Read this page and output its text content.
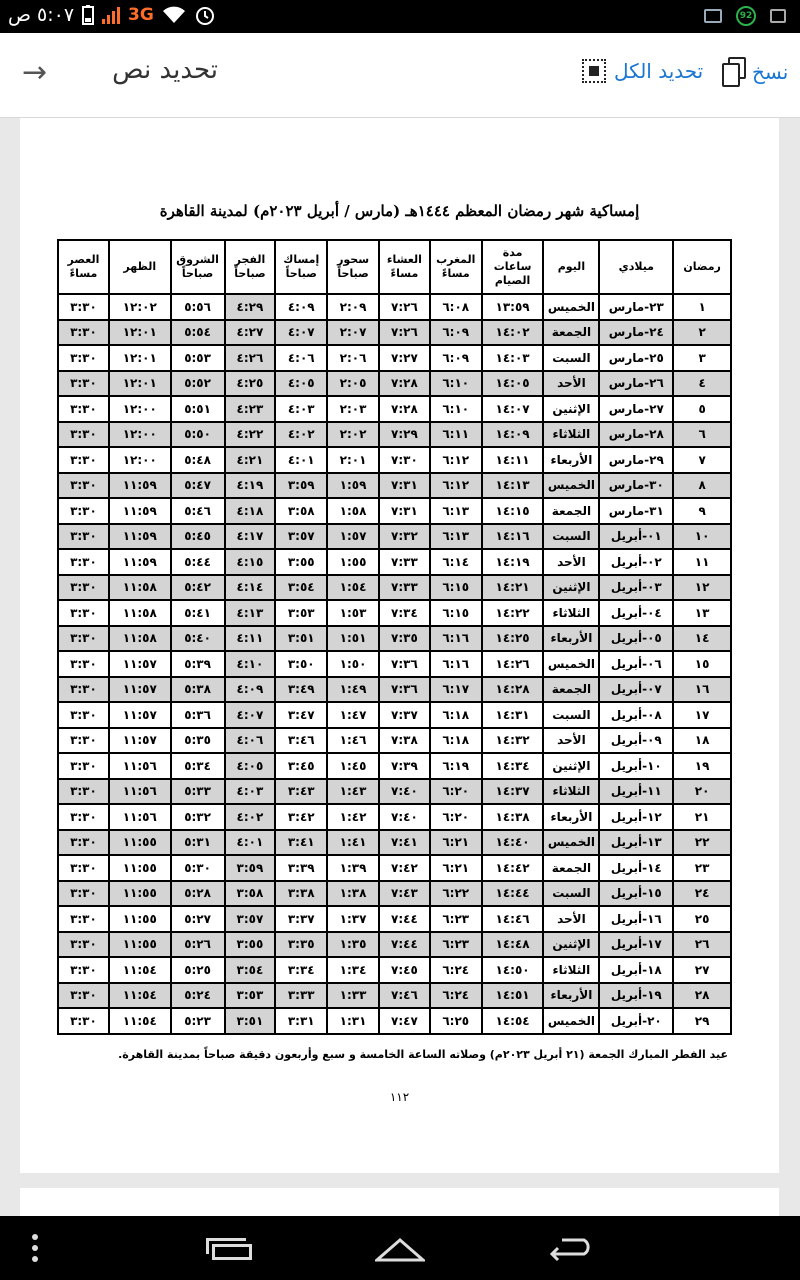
٥:٠٧ ص	3G	92
نسخ
تحديد الكل
تحديد نص
→
إمساكية شهر رمضان المعظم ١٤٤٤هـ (مارس / أبريل ٢٠٢٣م) لمدينة القاهرة
رمضان	ميلادي	اليوم	مدة ساعات الصيام	المغرب مساءً	العشاء مساءً	سحور صباحاً	إمساك صباحاً	الفجر صباحاً	الشروق صباحاً	الظهر	العصر مساءً
١	٢٣-مارس	الخميس	١٣:٥٩	٦:٠٨	٧:٢٦	٢:٠٩	٤:٠٩	٤:٢٩	٥:٥٦	١٢:٠٢	٣:٣٠
٢	٢٤-مارس	الجمعة	١٤:٠٢	٦:٠٩	٧:٢٦	٢:٠٧	٤:٠٧	٤:٢٧	٥:٥٤	١٢:٠١	٣:٣٠
٣	٢٥-مارس	السبت	١٤:٠٣	٦:٠٩	٧:٢٧	٢:٠٦	٤:٠٦	٤:٢٦	٥:٥٣	١٢:٠١	٣:٣٠
٤	٢٦-مارس	الأحد	١٤:٠٥	٦:١٠	٧:٢٨	٢:٠٥	٤:٠٥	٤:٢٥	٥:٥٢	١٢:٠١	٣:٣٠
٥	٢٧-مارس	الإثنين	١٤:٠٧	٦:١٠	٧:٢٨	٢:٠٣	٤:٠٣	٤:٢٣	٥:٥١	١٢:٠٠	٣:٣٠
٦	٢٨-مارس	الثلاثاء	١٤:٠٩	٦:١١	٧:٢٩	٢:٠٢	٤:٠٢	٤:٢٢	٥:٥٠	١٢:٠٠	٣:٣٠
٧	٢٩-مارس	الأربعاء	١٤:١١	٦:١٢	٧:٣٠	٢:٠١	٤:٠١	٤:٢١	٥:٤٨	١٢:٠٠	٣:٣٠
٨	٣٠-مارس	الخميس	١٤:١٣	٦:١٢	٧:٣١	١:٥٩	٣:٥٩	٤:١٩	٥:٤٧	١١:٥٩	٣:٣٠
٩	٣١-مارس	الجمعة	١٤:١٥	٦:١٣	٧:٣١	١:٥٨	٣:٥٨	٤:١٨	٥:٤٦	١١:٥٩	٣:٣٠
١٠	٠١-أبريل	السبت	١٤:١٦	٦:١٣	٧:٣٢	١:٥٧	٣:٥٧	٤:١٧	٥:٤٥	١١:٥٩	٣:٣٠
١١	٠٢-أبريل	الأحد	١٤:١٩	٦:١٤	٧:٣٣	١:٥٥	٣:٥٥	٤:١٥	٥:٤٤	١١:٥٩	٣:٣٠
١٢	٠٣-أبريل	الإثنين	١٤:٢١	٦:١٥	٧:٣٣	١:٥٤	٣:٥٤	٤:١٤	٥:٤٢	١١:٥٨	٣:٣٠
١٣	٠٤-أبريل	الثلاثاء	١٤:٢٢	٦:١٥	٧:٣٤	١:٥٣	٣:٥٣	٤:١٣	٥:٤١	١١:٥٨	٣:٣٠
١٤	٠٥-أبريل	الأربعاء	١٤:٢٥	٦:١٦	٧:٣٥	١:٥١	٣:٥١	٤:١١	٥:٤٠	١١:٥٨	٣:٣٠
١٥	٠٦-أبريل	الخميس	١٤:٢٦	٦:١٦	٧:٣٦	١:٥٠	٣:٥٠	٤:١٠	٥:٣٩	١١:٥٧	٣:٣٠
١٦	٠٧-أبريل	الجمعة	١٤:٢٨	٦:١٧	٧:٣٦	١:٤٩	٣:٤٩	٤:٠٩	٥:٣٨	١١:٥٧	٣:٣٠
١٧	٠٨-أبريل	السبت	١٤:٣١	٦:١٨	٧:٣٧	١:٤٧	٣:٤٧	٤:٠٧	٥:٣٦	١١:٥٧	٣:٣٠
١٨	٠٩-أبريل	الأحد	١٤:٣٢	٦:١٨	٧:٣٨	١:٤٦	٣:٤٦	٤:٠٦	٥:٣٥	١١:٥٧	٣:٣٠
١٩	١٠-أبريل	الإثنين	١٤:٣٤	٦:١٩	٧:٣٩	١:٤٥	٣:٤٥	٤:٠٥	٥:٣٤	١١:٥٦	٣:٣٠
٢٠	١١-أبريل	الثلاثاء	١٤:٣٧	٦:٢٠	٧:٤٠	١:٤٣	٣:٤٣	٤:٠٣	٥:٣٣	١١:٥٦	٣:٣٠
٢١	١٢-أبريل	الأربعاء	١٤:٣٨	٦:٢٠	٧:٤٠	١:٤٢	٣:٤٢	٤:٠٢	٥:٣٢	١١:٥٦	٣:٣٠
٢٢	١٣-أبريل	الخميس	١٤:٤٠	٦:٢١	٧:٤١	١:٤١	٣:٤١	٤:٠١	٥:٣١	١١:٥٥	٣:٣٠
٢٣	١٤-أبريل	الجمعة	١٤:٤٢	٦:٢١	٧:٤٢	١:٣٩	٣:٣٩	٣:٥٩	٥:٣٠	١١:٥٥	٣:٣٠
٢٤	١٥-أبريل	السبت	١٤:٤٤	٦:٢٢	٧:٤٣	١:٣٨	٣:٣٨	٣:٥٨	٥:٢٨	١١:٥٥	٣:٣٠
٢٥	١٦-أبريل	الأحد	١٤:٤٦	٦:٢٣	٧:٤٤	١:٣٧	٣:٣٧	٣:٥٧	٥:٢٧	١١:٥٥	٣:٣٠
٢٦	١٧-أبريل	الإثنين	١٤:٤٨	٦:٢٣	٧:٤٤	١:٣٥	٣:٣٥	٣:٥٥	٥:٢٦	١١:٥٥	٣:٣٠
٢٧	١٨-أبريل	الثلاثاء	١٤:٥٠	٦:٢٤	٧:٤٥	١:٣٤	٣:٣٤	٣:٥٤	٥:٢٥	١١:٥٤	٣:٣٠
٢٨	١٩-أبريل	الأربعاء	١٤:٥١	٦:٢٤	٧:٤٦	١:٣٣	٣:٣٣	٣:٥٣	٥:٢٤	١١:٥٤	٣:٣٠
٢٩	٢٠-أبريل	الخميس	١٤:٥٤	٦:٢٥	٧:٤٧	١:٣١	٣:٣١	٣:٥١	٥:٢٣	١١:٥٤	٣:٣٠
عيد الفطر المبارك الجمعة (٢١ أبريل ٢٠٢٣م) وصلاته الساعة الخامسة و سبع وأربعون دقيقة صباحاً بمدينة القاهرة.
١١٢
